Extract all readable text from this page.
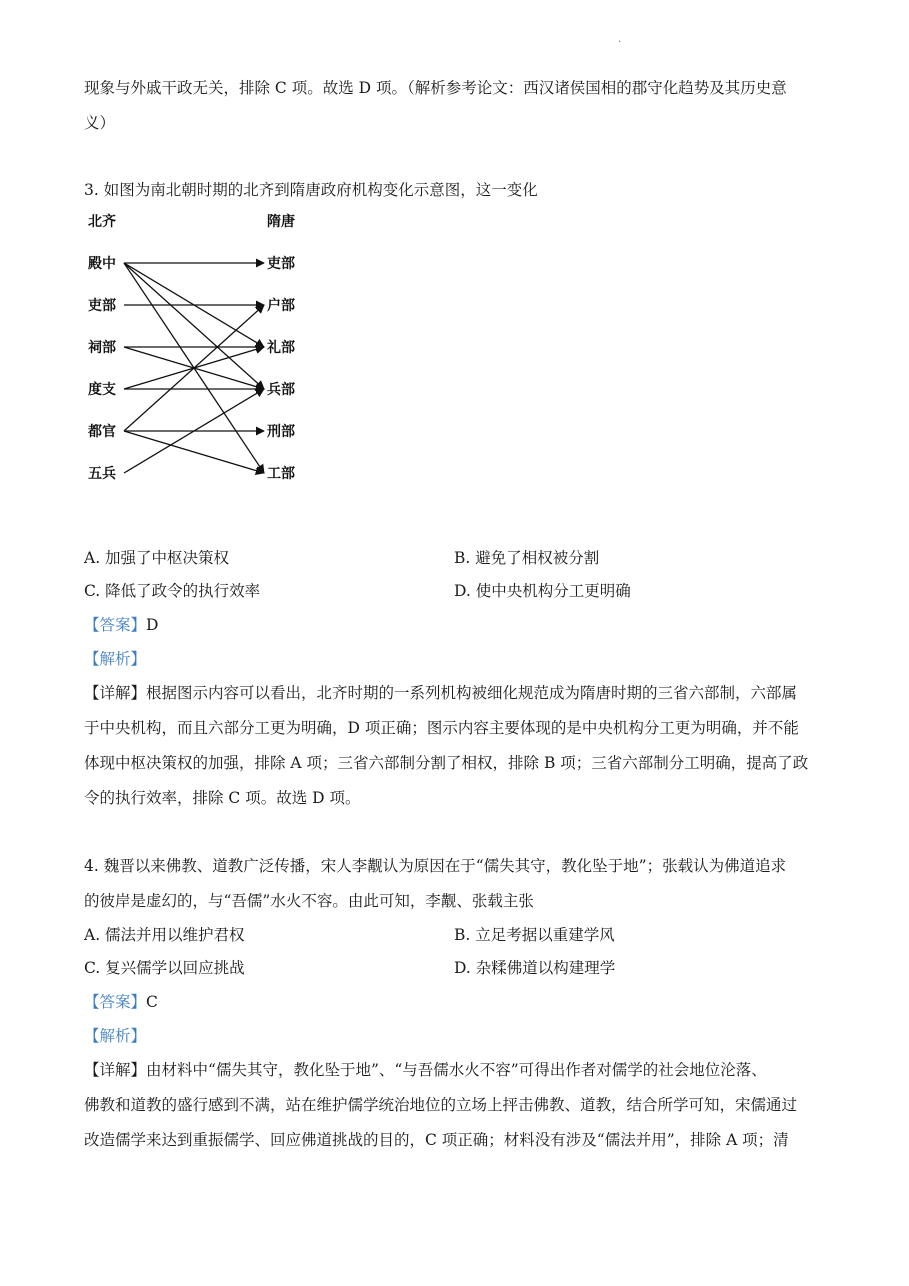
.
现象与外戚干政无关，排除 C 项。故选 D 项。（解析参考论文：西汉诸侯国相的郡守化趋势及其历史意
义）
3. 如图为南北朝时期的北齐到隋唐政府机构变化示意图，这一变化
北齐	隋唐
殿中
吏部
祠部
度支
都官
五兵
吏部
户部
礼部
兵部
刑部
工部
A. 加强了中枢决策权	B. 避免了相权被分割
C. 降低了政令的执行效率	D. 使中央机构分工更明确
【答案】D
【解析】
【详解】根据图示内容可以看出，北齐时期的一系列机构被细化规范成为隋唐时期的三省六部制，六部属
于中央机构，而且六部分工更为明确，D 项正确；图示内容主要体现的是中央机构分工更为明确，并不能
体现中枢决策权的加强，排除 A 项；三省六部制分割了相权，排除 B 项；三省六部制分工明确，提高了政
令的执行效率，排除 C 项。故选 D 项。
4. 魏晋以来佛教、道教广泛传播，宋人李觏认为原因在于“儒失其守，教化坠于地”；张载认为佛道追求
的彼岸是虚幻的，与“吾儒”水火不容。由此可知，李觏、张载主张
A. 儒法并用以维护君权	B. 立足考据以重建学风
C. 复兴儒学以回应挑战	D. 杂糅佛道以构建理学
【答案】C
【解析】
【详解】由材料中“儒失其守，教化坠于地”、“与吾儒水火不容”可得出作者对儒学的社会地位沦落、
佛教和道教的盛行感到不满，站在维护儒学统治地位的立场上抨击佛教、道教，结合所学可知，宋儒通过
改造儒学来达到重振儒学、回应佛道挑战的目的，C 项正确；材料没有涉及“儒法并用”，排除 A 项；清
